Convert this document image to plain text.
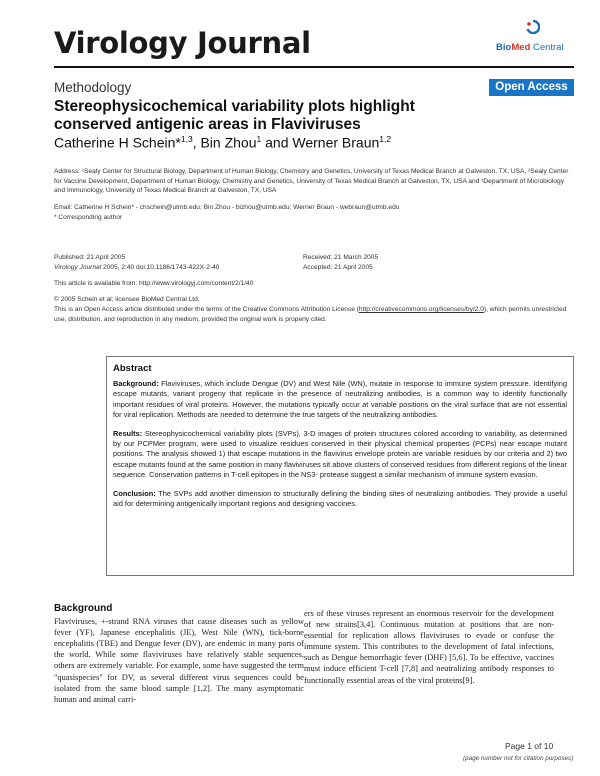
Virology Journal	BioMed Central
Methodology	Open Access
Stereophysicochemical variability plots highlight conserved antigenic areas in Flaviviruses
Catherine H Schein*$^{1,3}$, Bin Zhou$^1$ and Werner Braun$^{1,2}$
Address: ¹Sealy Center for Structural Biology, Department of Human Biology, Chemistry and Genetics, University of Texas Medical Branch at Galveston, TX, USA, ²Sealy Center for Vaccine Development, Department of Human Biology, Chemistry and Genetics, University of Texas Medical Branch at Galveston, TX, USA and ³Department of Microbiology and Immunology, University of Texas Medical Branch at Galveston, TX, USA
Email: Catherine H Schein* - chschein@utmb.edu; Bin Zhou - bizhou@utmb.edu; Werner Braun - webraun@utmb.edu
* Corresponding author
Published: 21 April 2005
Virology Journal 2005, 2:40 doi:10.1186/1743-422X-2-40
Received: 21 March 2005
Accepted: 21 April 2005
This article is available from: http://www.virologyj.com/content/2/1/40
© 2005 Schein et al; licensee BioMed Central Ltd.
This is an Open Access article distributed under the terms of the Creative Commons Attribution License (http://creativecommons.org/licenses/by/2.0), which permits unrestricted use, distribution, and reproduction in any medium, provided the original work is properly cited.
Abstract

Background: Flaviviruses, which include Dengue (DV) and West Nile (WN), mutate in response to immune system pressure. Identifying escape mutants, variant progeny that replicate in the presence of neutralizing antibodies, is a common way to identify functionally important residues of viral proteins. However, the mutations typically occur at variable positions on the viral surface that are not essential for viral replication. Methods are needed to determine the true targets of the neutralizing antibodies.

Results: Stereophysicochemical variability plots (SVPs), 3-D images of protein structures colored according to variability, as determined by our PCPMer program, were used to visualize residues conserved in their physical chemical properties (PCPs) near escape mutant positions. The analysis showed 1) that escape mutations in the flavivirus envelope protein are variable residues by our criteria and 2) two escape mutants found at the same position in many flaviviruses sit above clusters of conserved residues from different regions of the linear sequence. Conservation patterns in T-cell epitopes in the NS3- protease suggest a similar mechanism of immune system evasion.

Conclusion: The SVPs add another dimension to structurally defining the binding sites of neutralizing antibodies. They provide a useful aid for determining antigenically important regions and designing vaccines.

Background
Flaviviruses, +-strand RNA viruses that cause diseases such as yellow fever (YF), Japanese encephalitis (JE), West Nile (WN), tick-borne encephalitis (TBE) and Dengue fever (DV), are endemic in many parts of the world. While some flaviviruses have relatively stable sequences, others are extremely variable. For example, some have suggested the term "quasispecies" for DV, as several different virus sequences could be isolated from the same blood sample [1,2]. The many asymptomatic human and animal carri-
ers of these viruses represent an enormous reservoir for the development of new strains[3,4]. Continuous mutation at positions that are non-essential for replication allows flaviviruses to evade or confuse the immune system. This contributes to the development of fatal infections, such as Dengue hemorrhagic fever (DHF) [5,6]. To be effective, vaccines must induce efficient T-cell [7,8] and neutralizing antibody responses to functionally essential areas of the viral proteins[9].
Page 1 of 10
(page number not for citation purposes)
